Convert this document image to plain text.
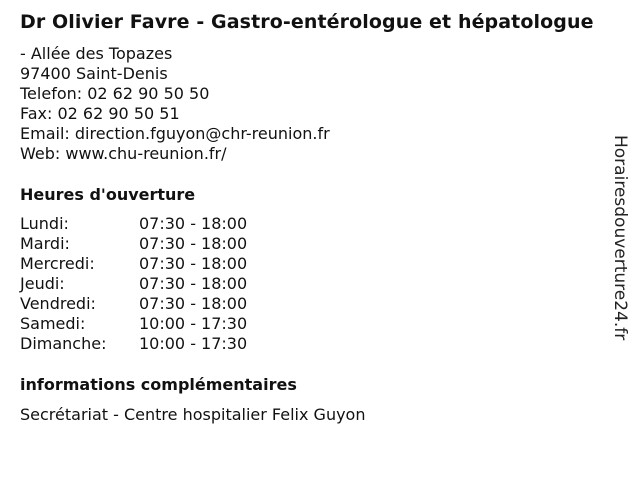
Dr Olivier Favre - Gastro-entérologue et hépatologue
- Allée des Topazes
97400 Saint-Denis
Telefon: 02 62 90 50 50
Fax: 02 62 90 50 51
Email: direction.fguyon@chr-reunion.fr
Web: www.chu-reunion.fr/
Heures d'ouverture
Lundi:	07:30 - 18:00
Mardi:	07:30 - 18:00
Mercredi:	07:30 - 18:00
Jeudi:	07:30 - 18:00
Vendredi:	07:30 - 18:00
Samedi:	10:00 - 17:30
Dimanche: 10:00 - 17:30
informations complémentaires
Secrétariat - Centre hospitalier Felix Guyon
Horairesdouverture24.fr
